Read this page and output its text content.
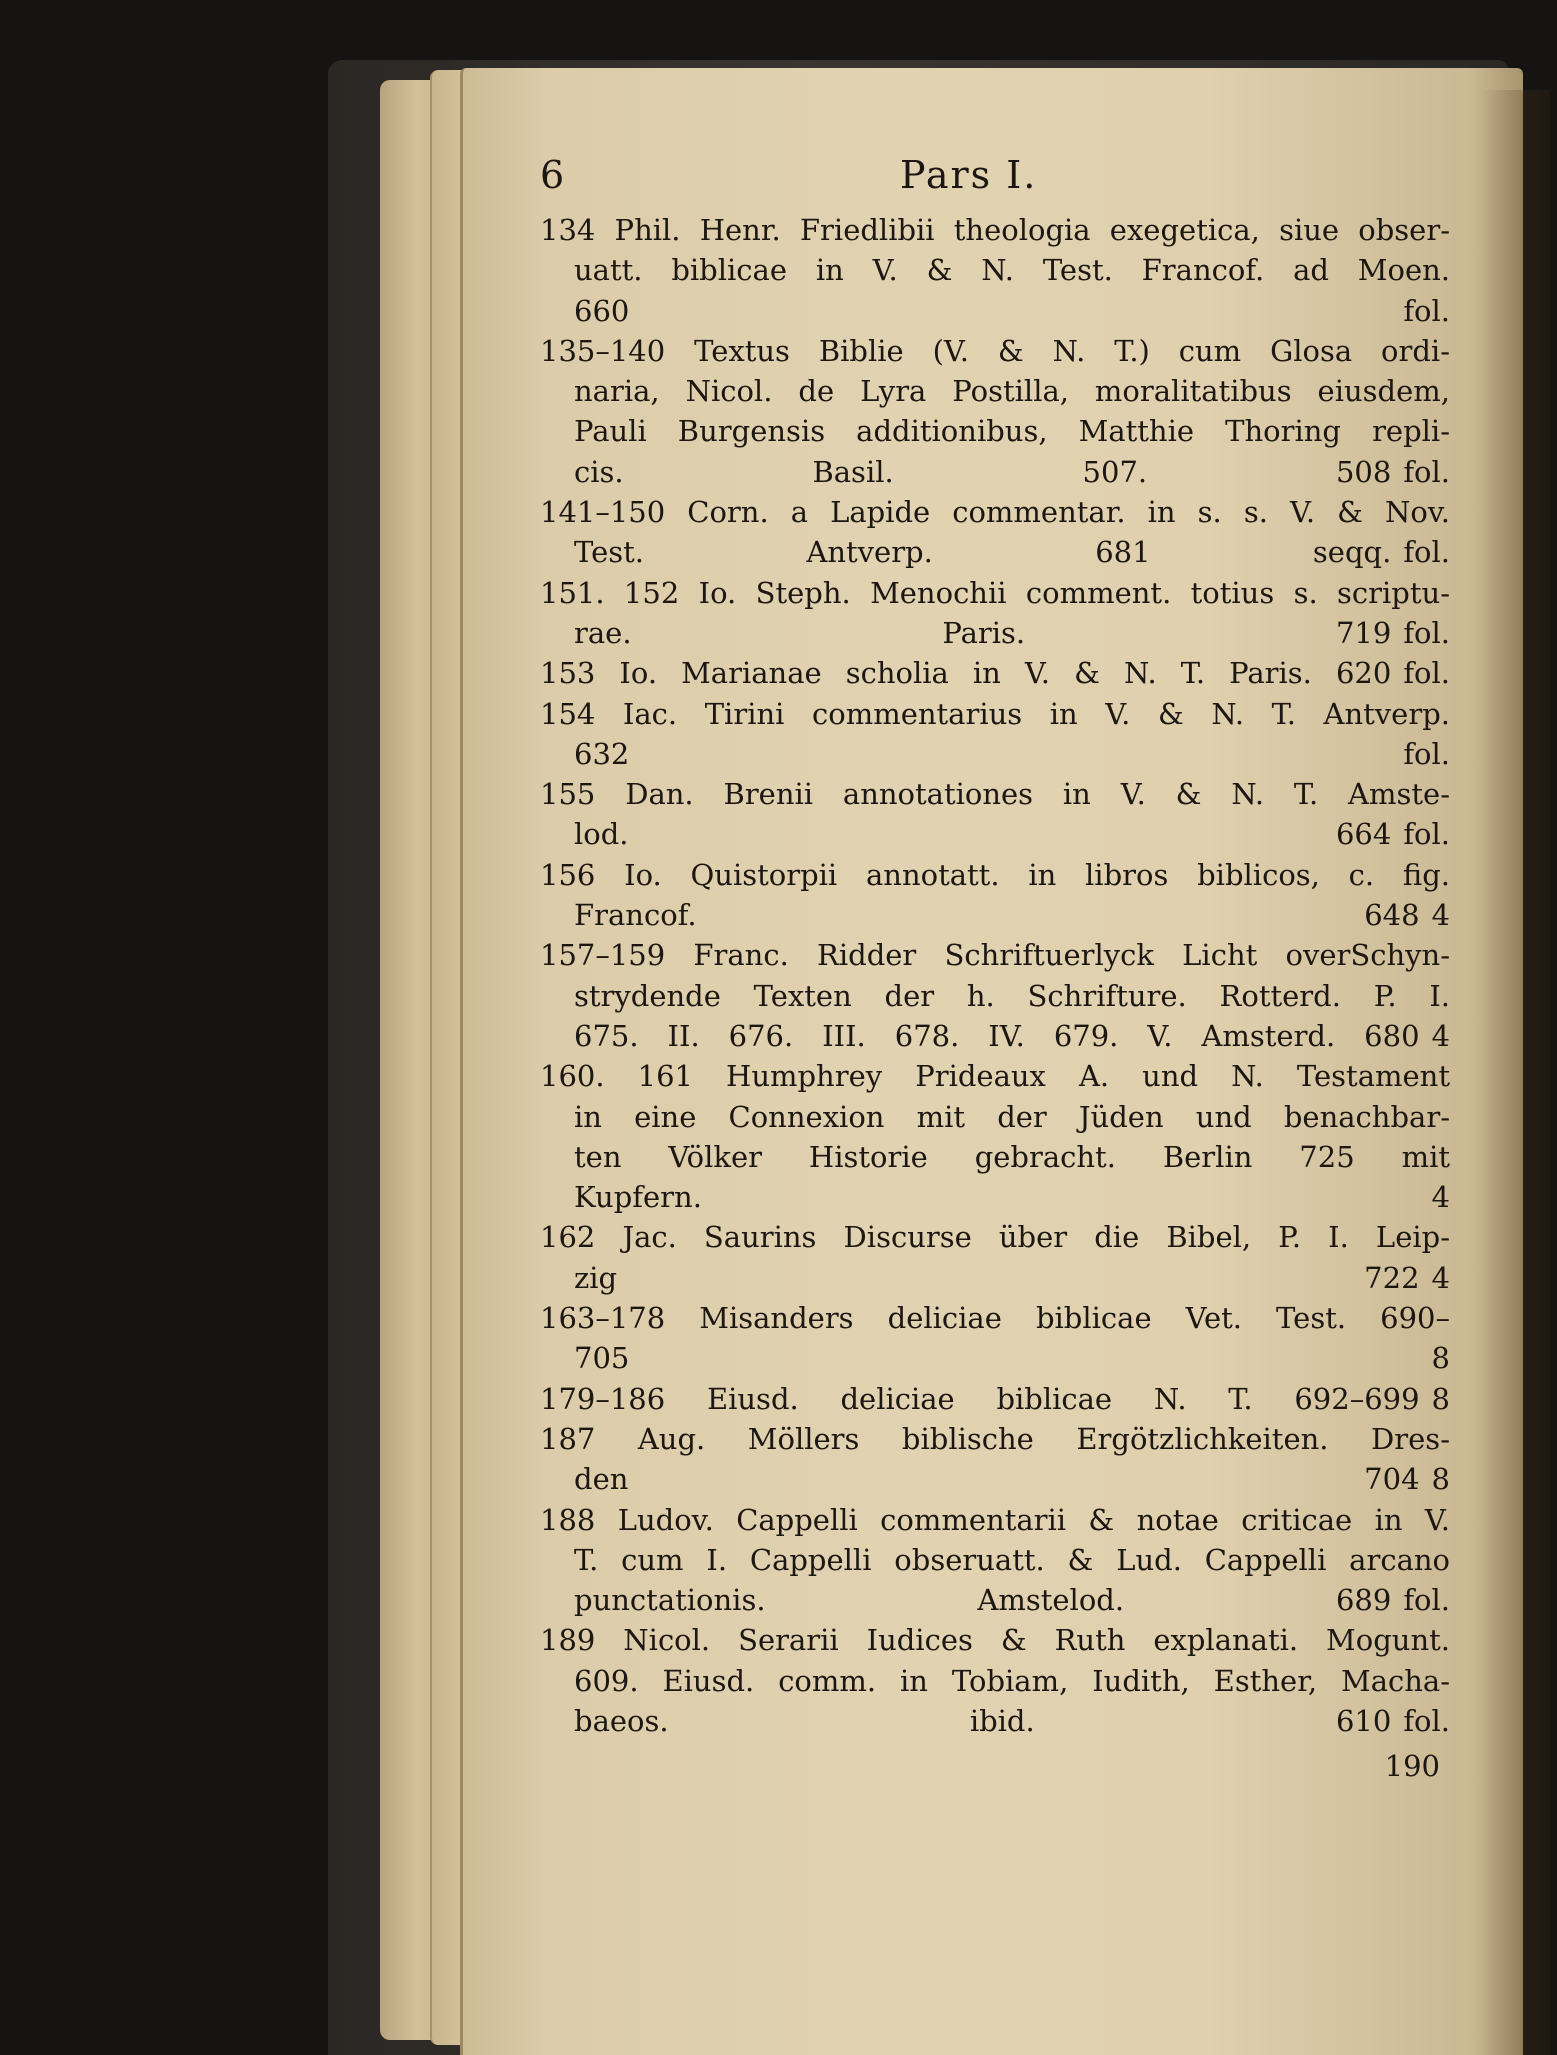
6	Pars I.
134 Phil. Henr. Friedlibii theologia exegetica, siue obser-
uatt. biblicae in V. & N. Test. Francof. ad Moen.
660	fol.
135–140 Textus Biblie (V. & N. T.) cum Glosa ordi-
naria, Nicol. de Lyra Postilla, moralitatibus eiusdem,
Pauli Burgensis additionibus, Matthie Thoring repli-
cis. Basil. 507. 508 fol.
141–150 Corn. a Lapide commentar. in s. s. V. & Nov.
Test. Antverp. 681 seqq. fol.
151. 152 Io. Steph. Menochii comment. totius s. scriptu-
rae. Paris. 719 fol.
153 Io. Marianae scholia in V. & N. T. Paris. 620 fol.
154 Iac. Tirini commentarius in V. & N. T. Antverp.
632	fol.
155 Dan. Brenii annotationes in V. & N. T. Amste-
lod. 664 fol.
156 Io. Quistorpii annotatt. in libros biblicos, c. fig.
Francof. 648 4
157–159 Franc. Ridder Schriftuerlyck Licht overSchyn-
strydende Texten der h. Schrifture. Rotterd. P. I.
675. II. 676. III. 678. IV. 679. V. Amsterd. 680 4
160. 161 Humphrey Prideaux A. und N. Testament
in eine Connexion mit der Jüden und benachbar-
ten Völker Historie gebracht. Berlin 725 mit
Kupfern.	4
162 Jac. Saurins Discurse über die Bibel, P. I. Leip-
zig 722 4
163–178 Misanders deliciae biblicae Vet. Test. 690–
705	8
179–186 Eiusd. deliciae biblicae N. T. 692–699 8
187 Aug. Möllers biblische Ergötzlichkeiten. Dres-
den 704 8
188 Ludov. Cappelli commentarii & notae criticae in V.
T. cum I. Cappelli obseruatt. & Lud. Cappelli arcano
punctationis. Amstelod. 689 fol.
189 Nicol. Serarii Iudices & Ruth explanati. Mogunt.
609. Eiusd. comm. in Tobiam, Iudith, Esther, Macha-
baeos. ibid. 610 fol.
190
